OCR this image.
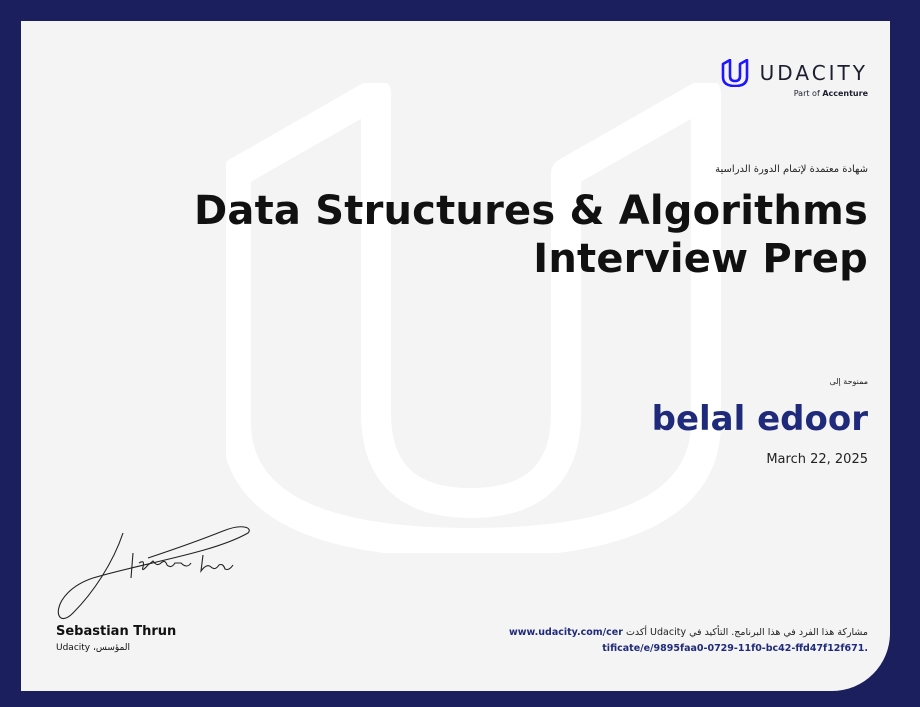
UDACITY
Part of Accenture
شهادة معتمدة لإتمام الدورة الدراسية
Data Structures & Algorithms Interview Prep
ممنوحة إلى
belal edoor
March 22, 2025
Sebastian Thrun
Udacity ،المؤسس
www.udacity.com/cer أكدت Udacity مشاركة هذا الفرد في هذا البرنامج. التأكيد في
tificate/e/9895faa0-0729-11f0-bc42-ffd47f12f671.
